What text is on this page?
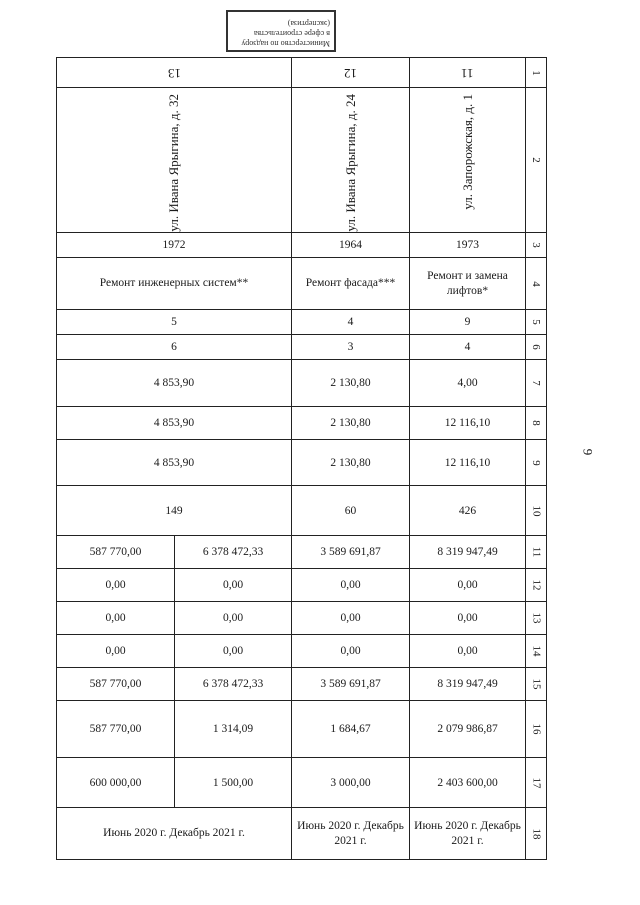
Министерство по надзору
в сфере строительства
(экспертиза)
9
13		12	11	1

ул. Ивана Ярыгина, д. 32		ул. Ивана Ярыгина, д. 24	ул. Запорожская, д. 1	2
1972		1964	1973	3
Ремонт инженерных систем**		Ремонт фасада***	Ремонт и замена лифтов*	4
5		4	9	5
6		3	4	6
4 853,90		2 130,80	4,00	7
4 853,90		2 130,80	12 116,10	8
4 853,90		2 130,80	12 116,10	9
149		60	426	10
587 770,00	6 378 472,33	3 589 691,87	8 319 947,49	11
0,00	0,00	0,00	0,00	12
0,00	0,00	0,00	0,00	13
0,00	0,00	0,00	0,00	14
587 770,00	6 378 472,33	3 589 691,87	8 319 947,49	15
587 770,00	1 314,09	1 684,67	2 079 986,87	16
600 000,00	1 500,00	3 000,00	2 403 600,00	17
Июнь 2020 г. Декабрь 2021 г.		Июнь 2020 г. Декабрь 2021 г.	Июнь 2020 г. Декабрь 2021 г.	18
